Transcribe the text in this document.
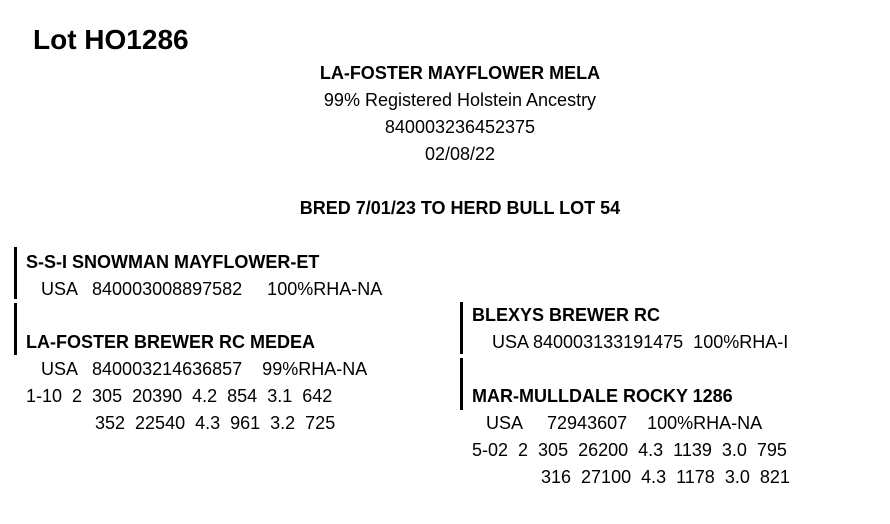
Lot HO1286
LA-FOSTER MAYFLOWER MELA
99% Registered Holstein Ancestry
840003236452375
02/08/22
BRED 7/01/23 TO HERD BULL LOT 54
S-S-I SNOWMAN MAYFLOWER-ET
USA   840003008897582     100%RHA-NA
LA-FOSTER BREWER RC MEDEA
USA   840003214636857    99%RHA-NA
1-10  2  305  20390  4.2  854  3.1  642
352  22540  4.3  961  3.2  725
BLEXYS BREWER RC
USA 840003133191475  100%RHA-I
MAR-MULLDALE ROCKY 1286
USA     72943607    100%RHA-NA
5-02  2  305  26200  4.3  1139  3.0  795
316  27100  4.3  1178  3.0  821
